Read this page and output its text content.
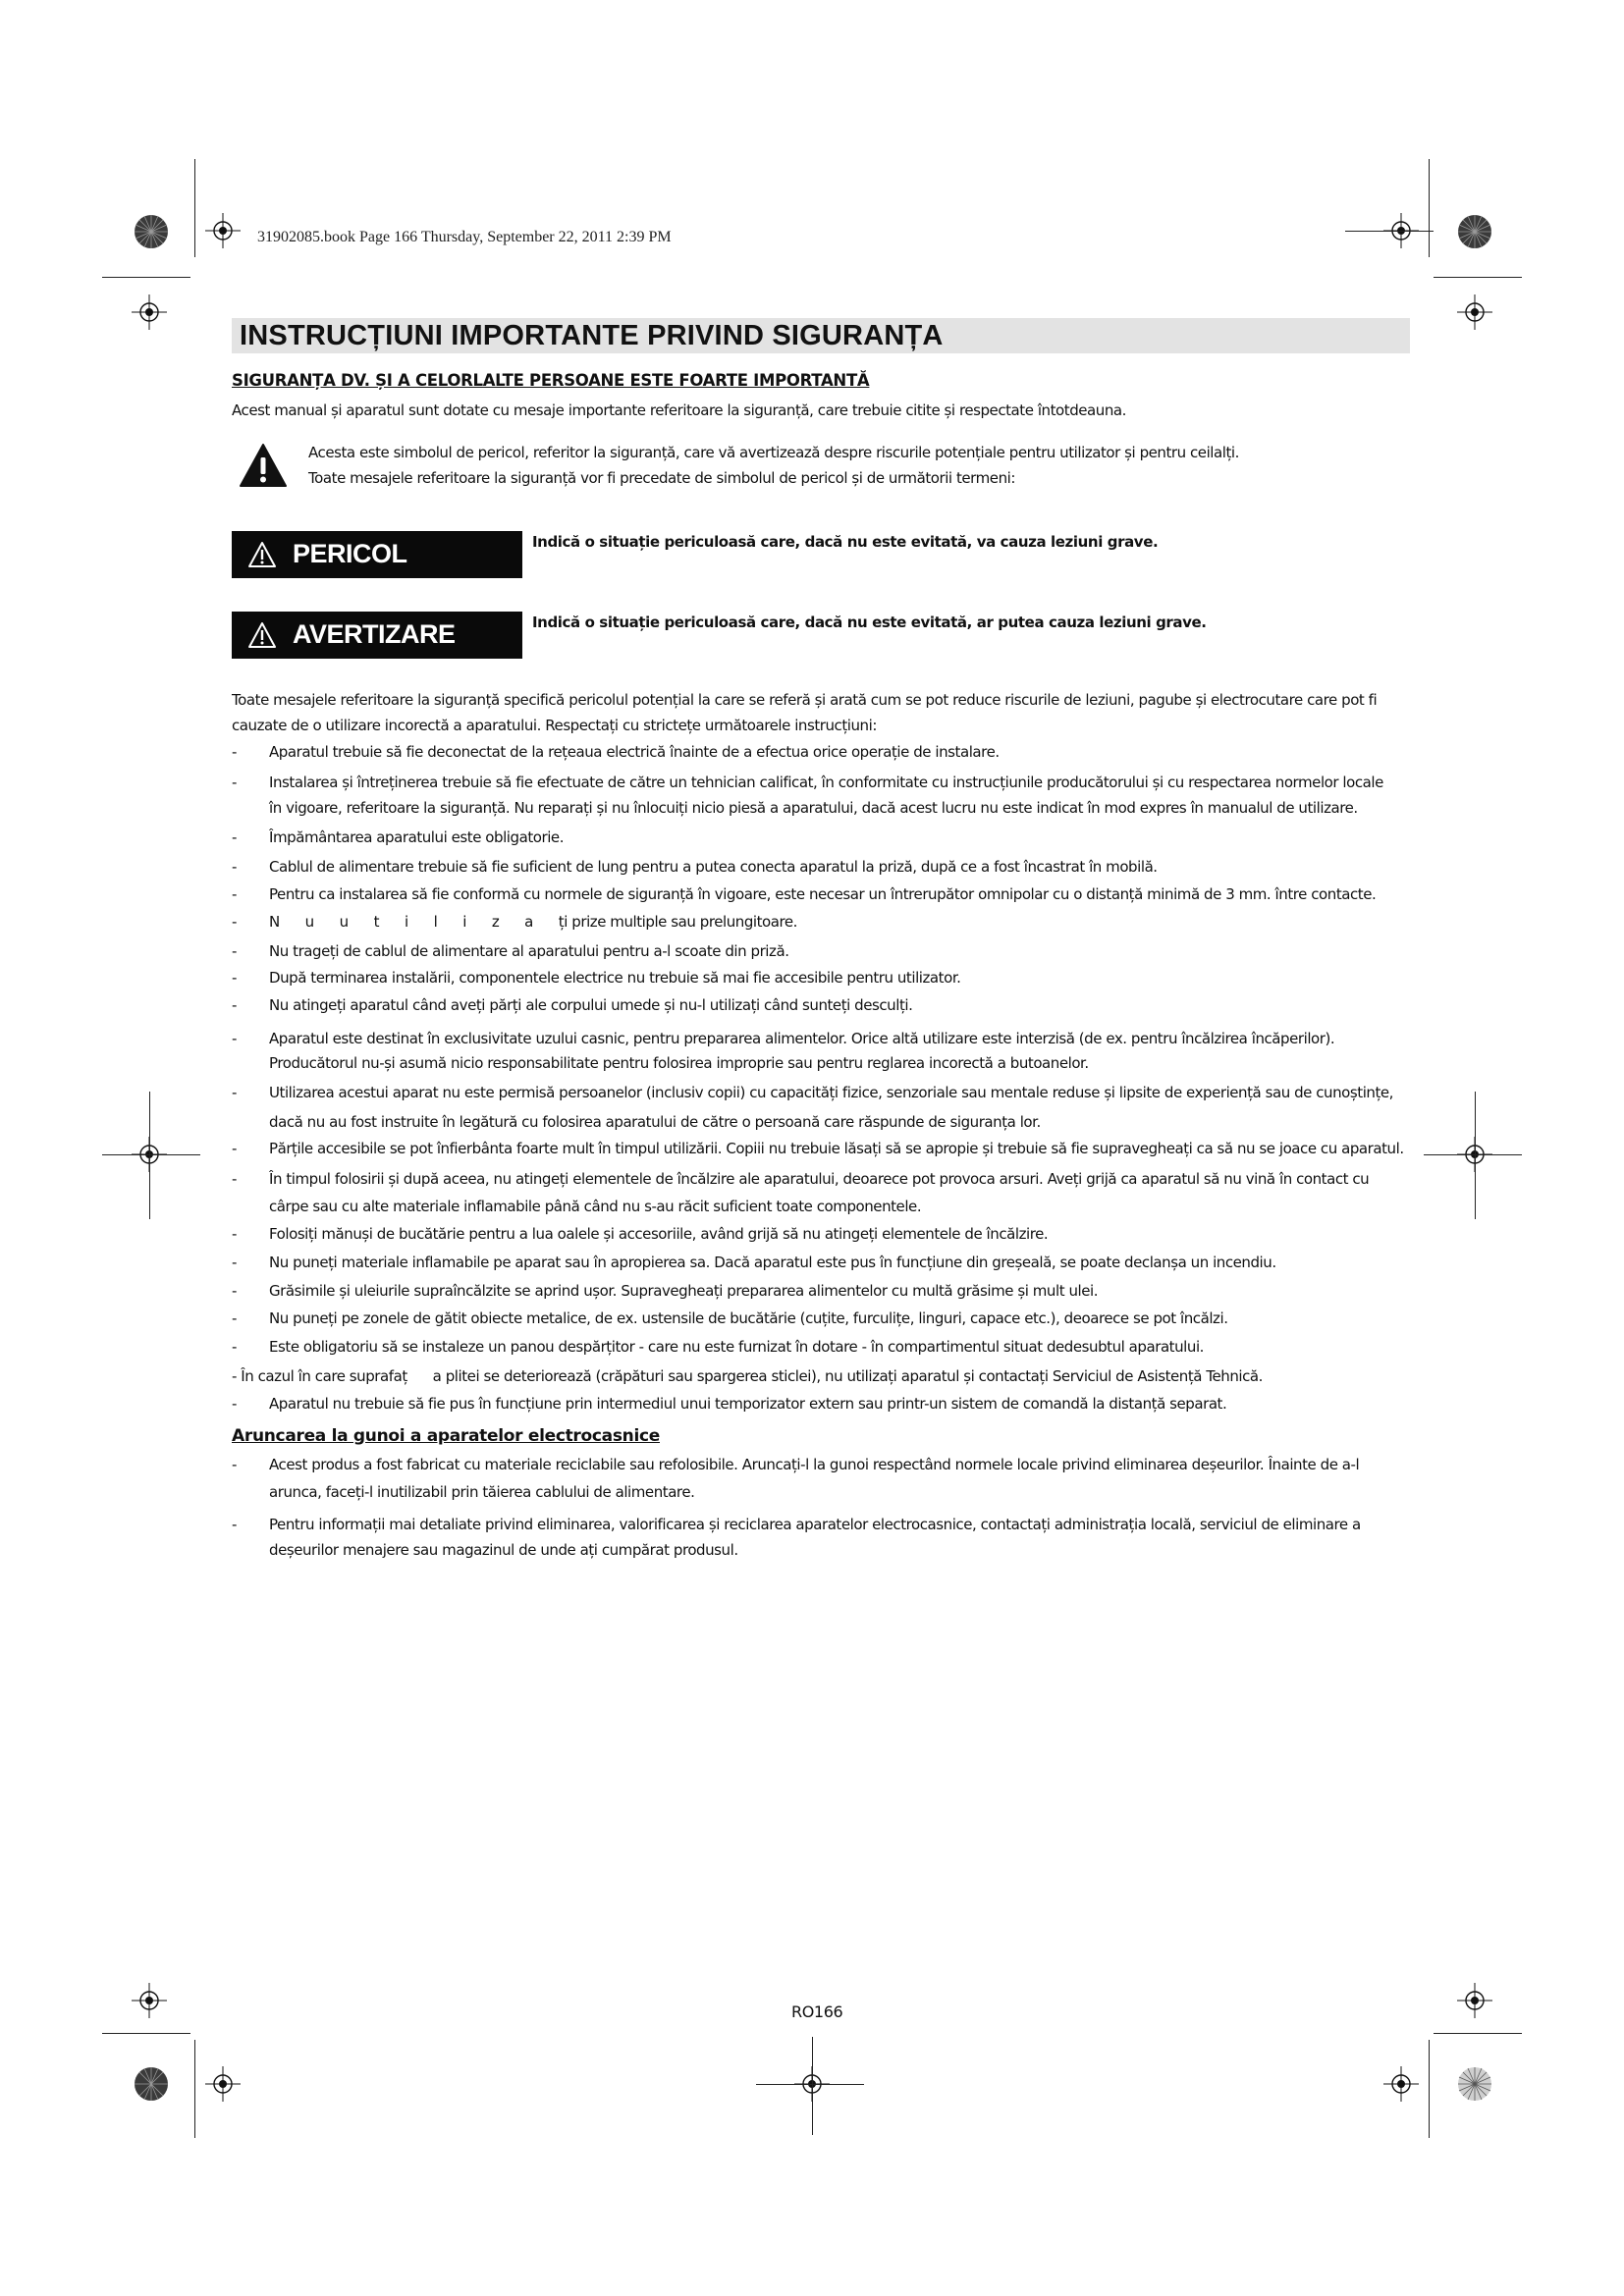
31902085.book Page 166 Thursday, September 22, 2011 2:39 PM
INSTRUCȚIUNI IMPORTANTE PRIVIND SIGURANȚA
SIGURANȚA DV. ȘI A CELORLALTE PERSOANE ESTE FOARTE IMPORTANTĂ
Acest manual și aparatul sunt dotate cu mesaje importante referitoare la siguranță, care trebuie citite și respectate întotdeauna.
Acesta este simbolul de pericol, referitor la siguranță, care vă avertizează despre riscurile potențiale pentru utilizator și pentru ceilalți.
Toate mesajele referitoare la siguranță vor fi precedate de simbolul de pericol și de următorii termeni:
PERICOL	Indică o situație periculoasă care, dacă nu este evitată, va cauza leziuni grave.
AVERTIZARE	Indică o situație periculoasă care, dacă nu este evitată, ar putea cauza leziuni grave.
Toate mesajele referitoare la siguranță specifică pericolul potențial la care se referă și arată cum se pot reduce riscurile de leziuni, pagube și electrocutare care pot fi
cauzate de o utilizare incorectă a aparatului. Respectați cu strictețe următoarele instrucțiuni:
-	Aparatul trebuie să fie deconectat de la rețeaua electrică înainte de a efectua orice operație de instalare.
-	Instalarea și întreținerea trebuie să fie efectuate de către un tehnician calificat, în conformitate cu instrucțiunile producătorului și cu respectarea normelor locale
în vigoare, referitoare la siguranță. Nu reparați și nu înlocuiți nicio piesă a aparatului, dacă acest lucru nu este indicat în mod expres în manualul de utilizare.
-	Împământarea aparatului este obligatorie.
-	Cablul de alimentare trebuie să fie suficient de lung pentru a putea conecta aparatul la priză, după ce a fost încastrat în mobilă.
-	Pentru ca instalarea să fie conformă cu normele de siguranță în vigoare, este necesar un întrerupător omnipolar cu o distanță minimă de 3 mm. între contacte.
-	N      u      u      t      i      l      i      z      a      ți prize multiple sau prelungitoare.
-	Nu trageți de cablul de alimentare al aparatului pentru a-l scoate din priză.
-	După terminarea instalării, componentele electrice nu trebuie să mai fie accesibile pentru utilizator.
-	Nu atingeți aparatul când aveți părți ale corpului umede și nu-l utilizați când sunteți desculți.
-	Aparatul este destinat în exclusivitate uzului casnic, pentru prepararea alimentelor. Orice altă utilizare este interzisă (de ex. pentru încălzirea încăperilor).
Producătorul nu-și asumă nicio responsabilitate pentru folosirea improprie sau pentru reglarea incorectă a butoanelor.
-	Utilizarea acestui aparat nu este permisă persoanelor (inclusiv copii) cu capacități fizice, senzoriale sau mentale reduse și lipsite de experiență sau de cunoștințe,
dacă nu au fost instruite în legătură cu folosirea aparatului de către o persoană care răspunde de siguranța lor.
-	Părțile accesibile se pot înfierbânta foarte mult în timpul utilizării. Copiii nu trebuie lăsați să se apropie și trebuie să fie supravegheați ca să nu se joace cu aparatul.
-	În timpul folosirii și după aceea, nu atingeți elementele de încălzire ale aparatului, deoarece pot provoca arsuri. Aveți grijă ca aparatul să nu vină în contact cu
cârpe sau cu alte materiale inflamabile până când nu s-au răcit suficient toate componentele.
-	Folosiți mănuși de bucătărie pentru a lua oalele și accesoriile, având grijă să nu atingeți elementele de încălzire.
-	Nu puneți materiale inflamabile pe aparat sau în apropierea sa. Dacă aparatul este pus în funcțiune din greșeală, se poate declanșa un incendiu.
-	Grăsimile și uleiurile supraîncălzite se aprind ușor. Supravegheați prepararea alimentelor cu multă grăsime și mult ulei.
-	Nu puneți pe zonele de gătit obiecte metalice, de ex. ustensile de bucătărie (cuțite, furculițe, linguri, capace etc.), deoarece se pot încălzi.
-	Este obligatoriu să se instaleze un panou despărțitor - care nu este furnizat în dotare - în compartimentul situat dedesubtul aparatului.
- În cazul în care suprafaț      a plitei se deteriorează (crăpături sau spargerea sticlei), nu utilizați aparatul și contactați Serviciul de Asistență Tehnică.
-	Aparatul nu trebuie să fie pus în funcțiune prin intermediul unui temporizator extern sau printr-un sistem de comandă la distanță separat.
Aruncarea la gunoi a aparatelor electrocasnice
-	Acest produs a fost fabricat cu materiale reciclabile sau refolosibile. Aruncați-l la gunoi respectând normele locale privind eliminarea deșeurilor. Înainte de a-l
arunca, faceți-l inutilizabil prin tăierea cablului de alimentare.
-	Pentru informații mai detaliate privind eliminarea, valorificarea și reciclarea aparatelor electrocasnice, contactați administrația locală, serviciul de eliminare a
deșeurilor menajere sau magazinul de unde ați cumpărat produsul.
RO166
